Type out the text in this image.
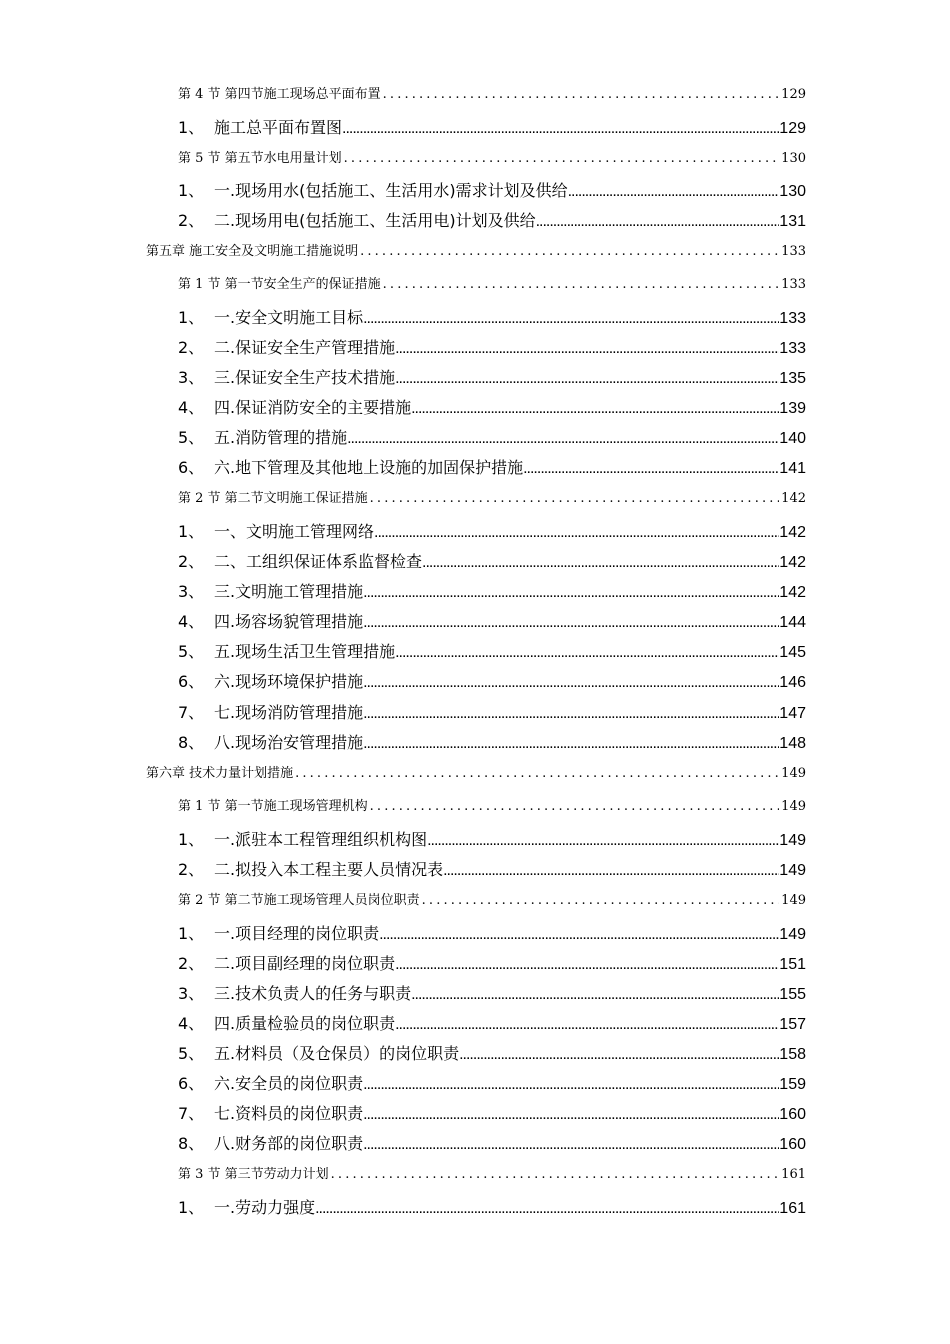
第 4 节 第四节施工现场总平面布置 . . .	129
1、 施工总平面布置图 .....	129
第 5 节 第五节水电用量计划 . . .	130
1、 一.现场用水(包括施工、生活用水)需求计划及供给 .....	130
2、 二.现场用电(包括施工、生活用电)计划及供给 .....	131
第五章 施工安全及文明施工措施说明 . . .	133
第 1 节 第一节安全生产的保证措施 . . .	133
1、 一.安全文明施工目标 .....	133
2、 二.保证安全生产管理措施 .....	133
3、 三.保证安全生产技术措施 .....	135
4、 四.保证消防安全的主要措施 .....	139
5、 五.消防管理的措施 .....	140
6、 六.地下管理及其他地上设施的加固保护措施 .....	141
第 2 节 第二节文明施工保证措施 . . .	142
1、 一、文明施工管理网络 .....	142
2、 二、工组织保证体系监督检查 .....	142
3、 三.文明施工管理措施 .....	142
4、 四.场容场貌管理措施 .....	144
5、 五.现场生活卫生管理措施 .....	145
6、 六.现场环境保护措施 .....	146
7、 七.现场消防管理措施 .....	147
8、 八.现场治安管理措施 .....	148
第六章 技术力量计划措施 . . .	149
第 1 节 第一节施工现场管理机构 . . .	149
1、 一.派驻本工程管理组织机构图 .....	149
2、 二.拟投入本工程主要人员情况表 .....	149
第 2 节 第二节施工现场管理人员岗位职责 . . .	149
1、 一.项目经理的岗位职责 .....	149
2、 二.项目副经理的岗位职责 .....	151
3、 三.技术负责人的任务与职责 .....	155
4、 四.质量检验员的岗位职责 .....	157
5、 五.材料员（及仓保员）的岗位职责 .....	158
6、 六.安全员的岗位职责 .....	159
7、 七.资料员的岗位职责 .....	160
8、 八.财务部的岗位职责 .....	160
第 3 节 第三节劳动力计划 . . .	161
1、 一.劳动力强度 .....	161
